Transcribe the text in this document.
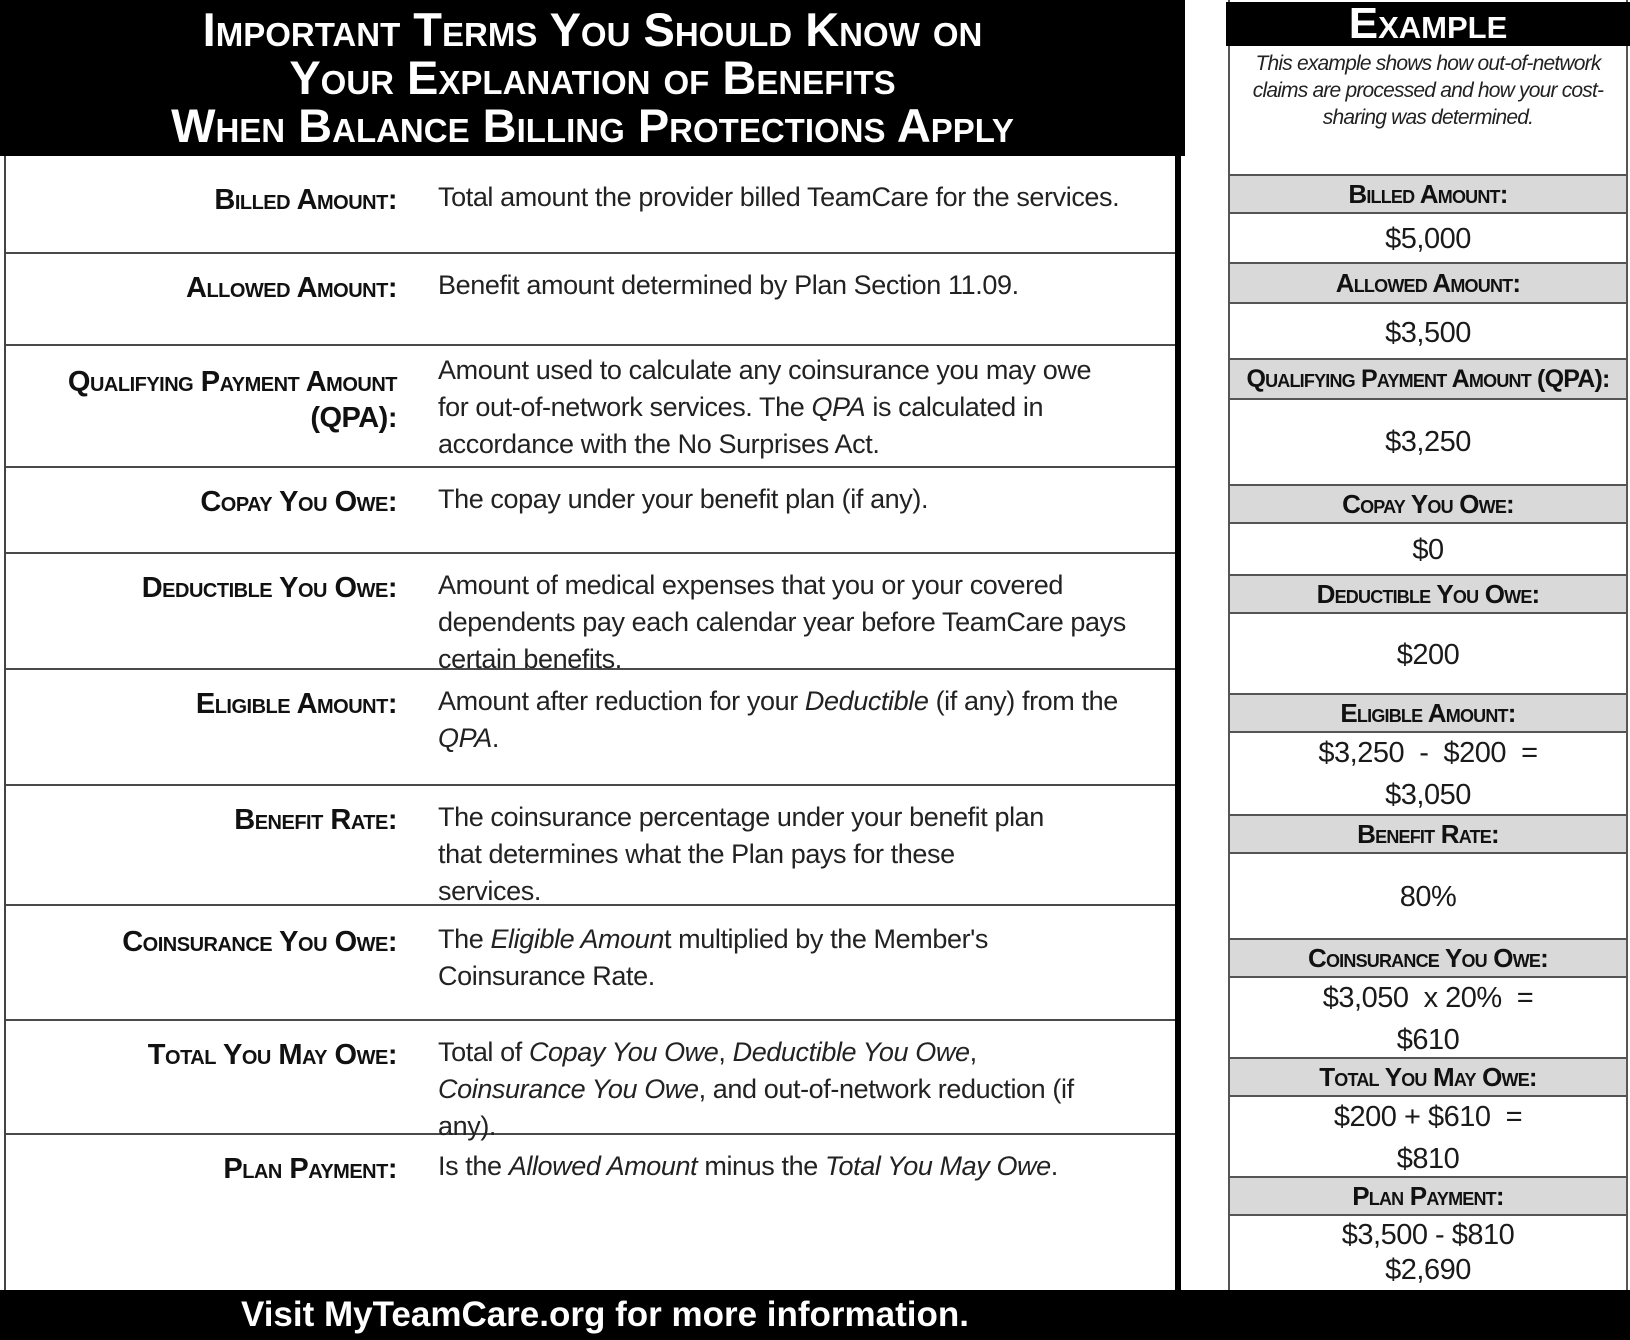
Important Terms You Should Know on
Your Explanation of Benefits
When Balance Billing Protections Apply
Billed Amount: Total amount the provider billed TeamCare for the services.
Allowed Amount: Benefit amount determined by Plan Section 11.09.
Qualifying Payment Amount (QPA):
Amount used to calculate any coinsurance you may owe for out-of-network services. The QPA is calculated in accordance with the No Surprises Act.
Copay You Owe: The copay under your benefit plan (if any).
Deductible You Owe: Amount of medical expenses that you or your covered dependents pay each calendar year before TeamCare pays certain benefits.
Eligible Amount: Amount after reduction for your Deductible (if any) from the QPA.
Benefit Rate: The coinsurance percentage under your benefit plan that determines what the Plan pays for these services.
Coinsurance You Owe: The Eligible Amount multiplied by the Member's Coinsurance Rate.
Total You May Owe: Total of Copay You Owe, Deductible You Owe, Coinsurance You Owe, and out-of-network reduction (if any).
Plan Payment: Is the Allowed Amount minus the Total You May Owe.
Example
This example shows how out-of-network claims are processed and how your cost-sharing was determined.
Billed Amount:
$5,000
Allowed Amount:
$3,500
Qualifying Payment Amount (QPA):
$3,250
Copay You Owe:
$0
Deductible You Owe:
$200
Eligible Amount:
$3,250  -  $200  =
$3,050
Benefit Rate:
80%
Coinsurance You Owe:
$3,050  x 20%  =
$610
Total You May Owe:
$200 + $610  =
$810
Plan Payment:
$3,500 - $810
$2,690
Visit MyTeamCare.org for more information.
